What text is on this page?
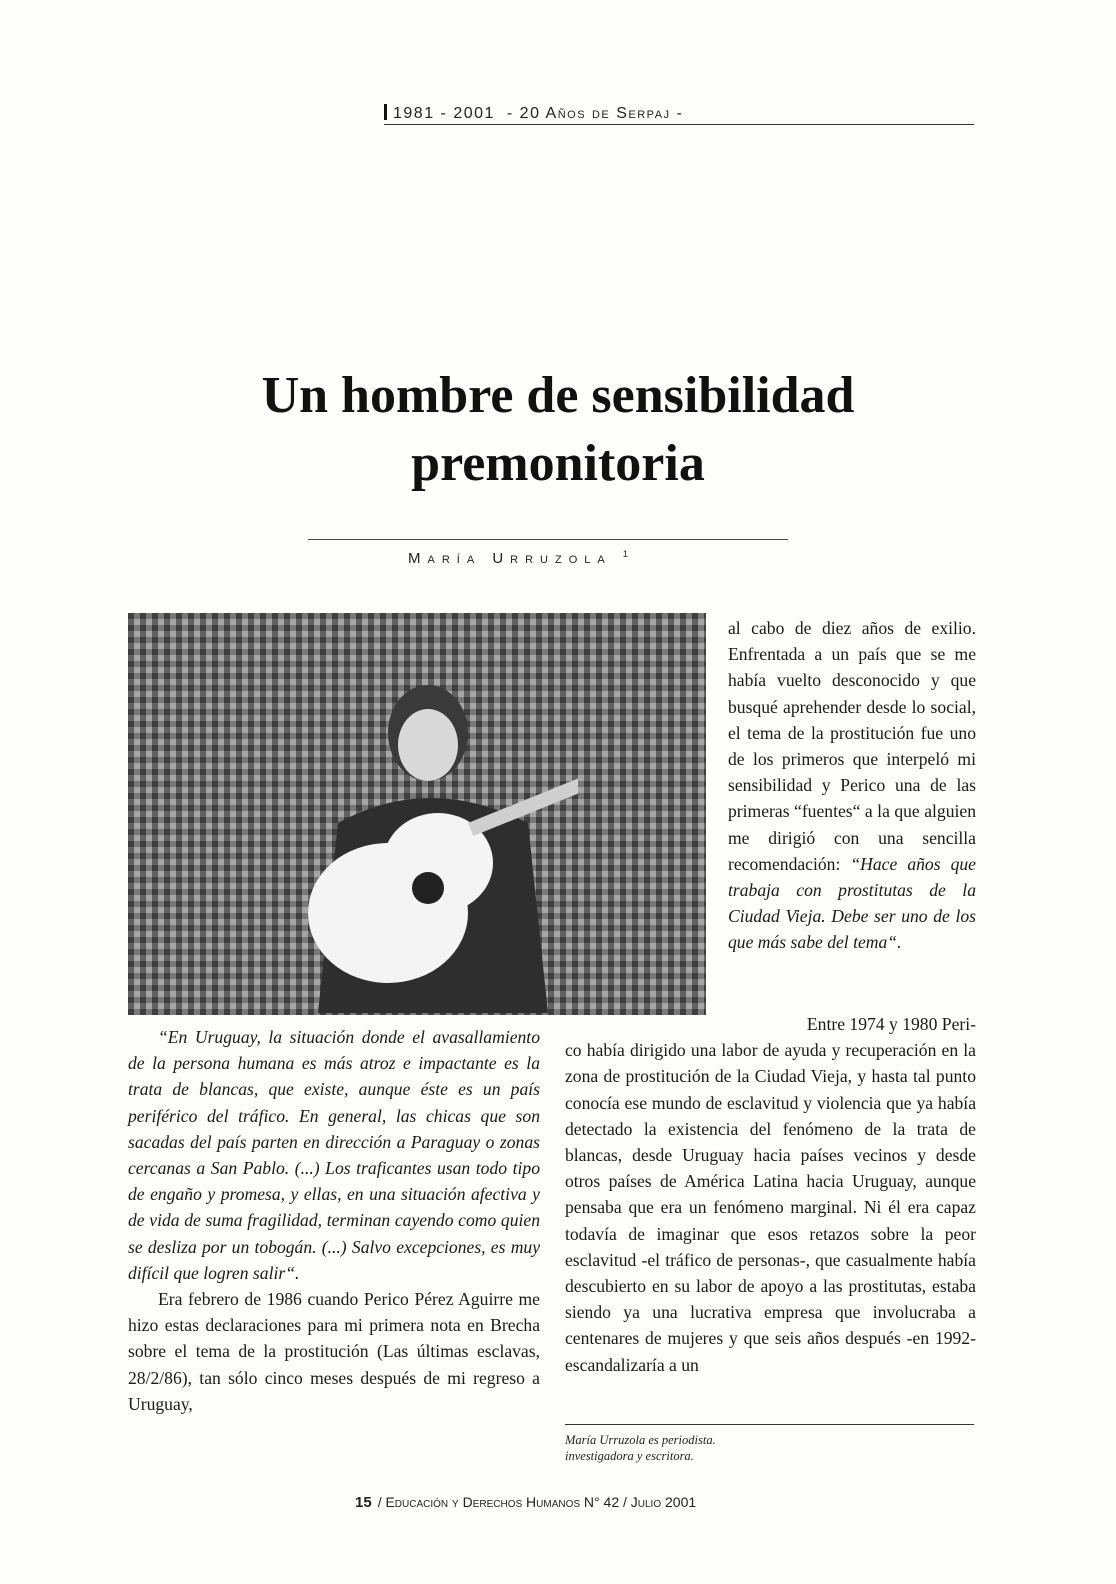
1981 - 2001 - 20 Años de Serpaj -
Un hombre de sensibilidad
premonitoria
María Urruzola $^1$
al cabo de diez años de exilio. Enfrentada a un país que se me había vuelto desconocido y que busqué aprehender desde lo social, el tema de la prostitución fue uno de los primeros que interpeló mi sensibilidad y Perico una de las primeras “fuentes“ a la que alguien me dirigió con una sencilla recomendación: “Hace años que trabaja con prostitutas de la Ciudad Vieja. Debe ser uno de los que más sabe del tema“.
Entre 1974 y 1980 Peri-
co había dirigido una labor de ayuda y recuperación en la zona de prostitución de la Ciudad Vieja, y hasta tal punto conocía ese mundo de esclavitud y violencia que ya había detectado la existencia del fenómeno de la trata de blancas, desde Uruguay hacia países vecinos y desde otros países de América Latina hacia Uruguay, aunque pensaba que era un fenómeno marginal. Ni él era capaz todavía de imaginar que esos retazos sobre la peor esclavitud -el tráfico de personas-, que casualmente había descubierto en su labor de apoyo a las prostitutas, estaba siendo ya una lucrativa empresa que involucraba a centenares de mujeres y que seis años después -en 1992- escandalizaría a un

“En Uruguay, la situación donde el avasallamiento de la persona humana es más atroz e impactante es la trata de blancas, que existe, aunque éste es un país periférico del tráfico. En general, las chicas que son sacadas del país parten en dirección a Paraguay o zonas cercanas a San Pablo. (...) Los traficantes usan todo tipo de engaño y promesa, y ellas, en una situación afectiva y de vida de suma fragilidad, terminan cayendo como quien se desliza por un tobogán. (...) Salvo excepciones, es muy difícil que logren salir“.

Era febrero de 1986 cuando Perico Pérez Aguirre me hizo estas declaraciones para mi primera nota en Brecha sobre el tema de la prostitución (Las últimas esclavas, 28/2/86), tan sólo cinco meses después de mi regreso a Uruguay,

María Urruzola es periodista.
investigadora y escritora.
15 / Educación y Derechos Humanos N° 42 / Julio 2001
